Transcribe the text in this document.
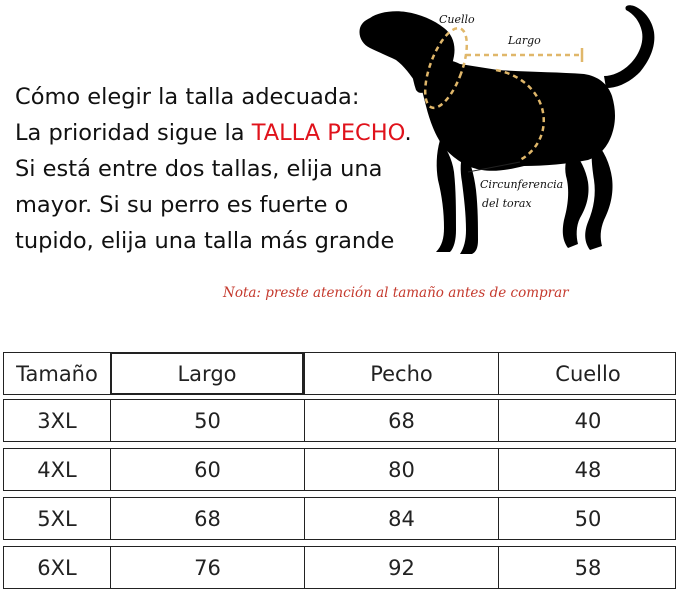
Cómo elegir la talla adecuada:
La prioridad sigue la TALLA PECHO.
Si está entre dos tallas, elija una
mayor. Si su perro es fuerte o
tupido, elija una talla más grande
Cuello
Largo
Circunferencia
del torax
Nota: preste atención al tamaño antes de comprar
Tamaño	Largo	Pecho	Cuello
3XL	50	68	40
4XL	60	80	48
5XL	68	84	50
6XL	76	92	58
